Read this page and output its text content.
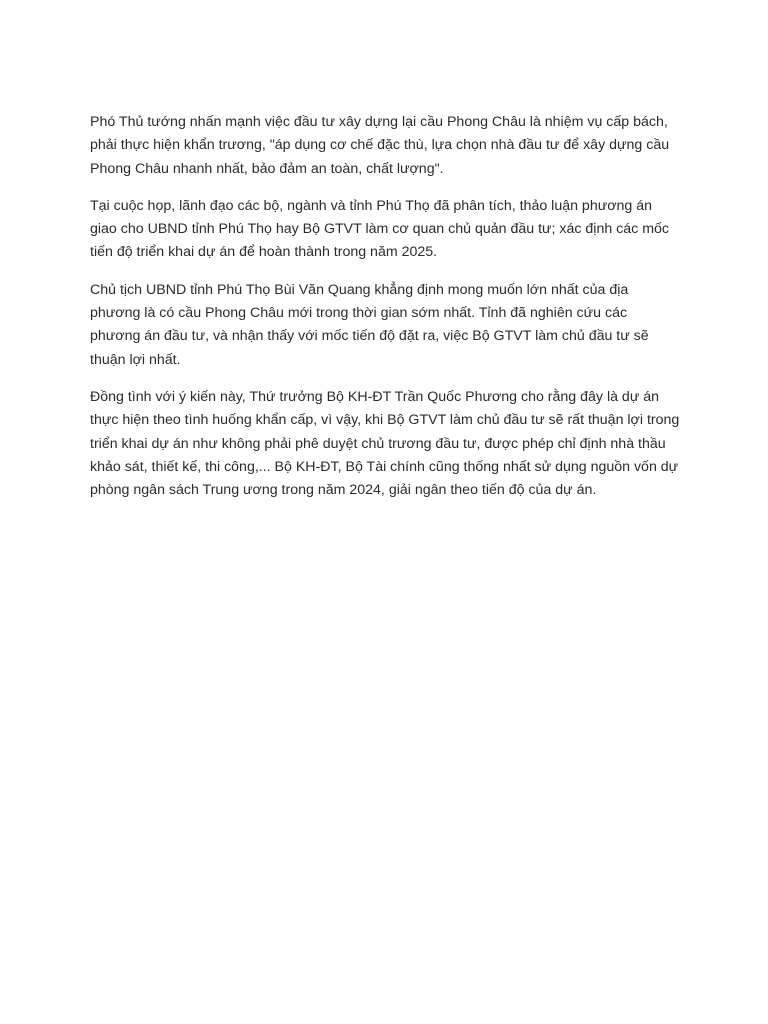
Phó Thủ tướng nhấn mạnh việc đầu tư xây dựng lại cầu Phong Châu là nhiệm vụ cấp bách, phải thực hiện khẩn trương, "áp dụng cơ chế đặc thù, lựa chọn nhà đầu tư để xây dựng cầu Phong Châu nhanh nhất, bảo đảm an toàn, chất lượng".

Tại cuộc họp, lãnh đạo các bộ, ngành và tỉnh Phú Thọ đã phân tích, thảo luận phương án giao cho UBND tỉnh Phú Thọ hay Bộ GTVT làm cơ quan chủ quản đầu tư; xác định các mốc tiến độ triển khai dự án để hoàn thành trong năm 2025.

Chủ tịch UBND tỉnh Phú Thọ Bùi Văn Quang khẳng định mong muốn lớn nhất của địa phương là có cầu Phong Châu mới trong thời gian sớm nhất. Tỉnh đã nghiên cứu các phương án đầu tư, và nhận thấy với mốc tiến độ đặt ra, việc Bộ GTVT làm chủ đầu tư sẽ thuận lợi nhất.

Đồng tình với ý kiến này, Thứ trưởng Bộ KH-ĐT Trần Quốc Phương cho rằng đây là dự án thực hiện theo tình huống khẩn cấp, vì vậy, khi Bộ GTVT làm chủ đầu tư sẽ rất thuận lợi trong triển khai dự án như không phải phê duyệt chủ trương đầu tư, được phép chỉ định nhà thầu khảo sát, thiết kế, thi công,... Bộ KH-ĐT, Bộ Tài chính cũng thống nhất sử dụng nguồn vốn dự phòng ngân sách Trung ương trong năm 2024, giải ngân theo tiến độ của dự án.
